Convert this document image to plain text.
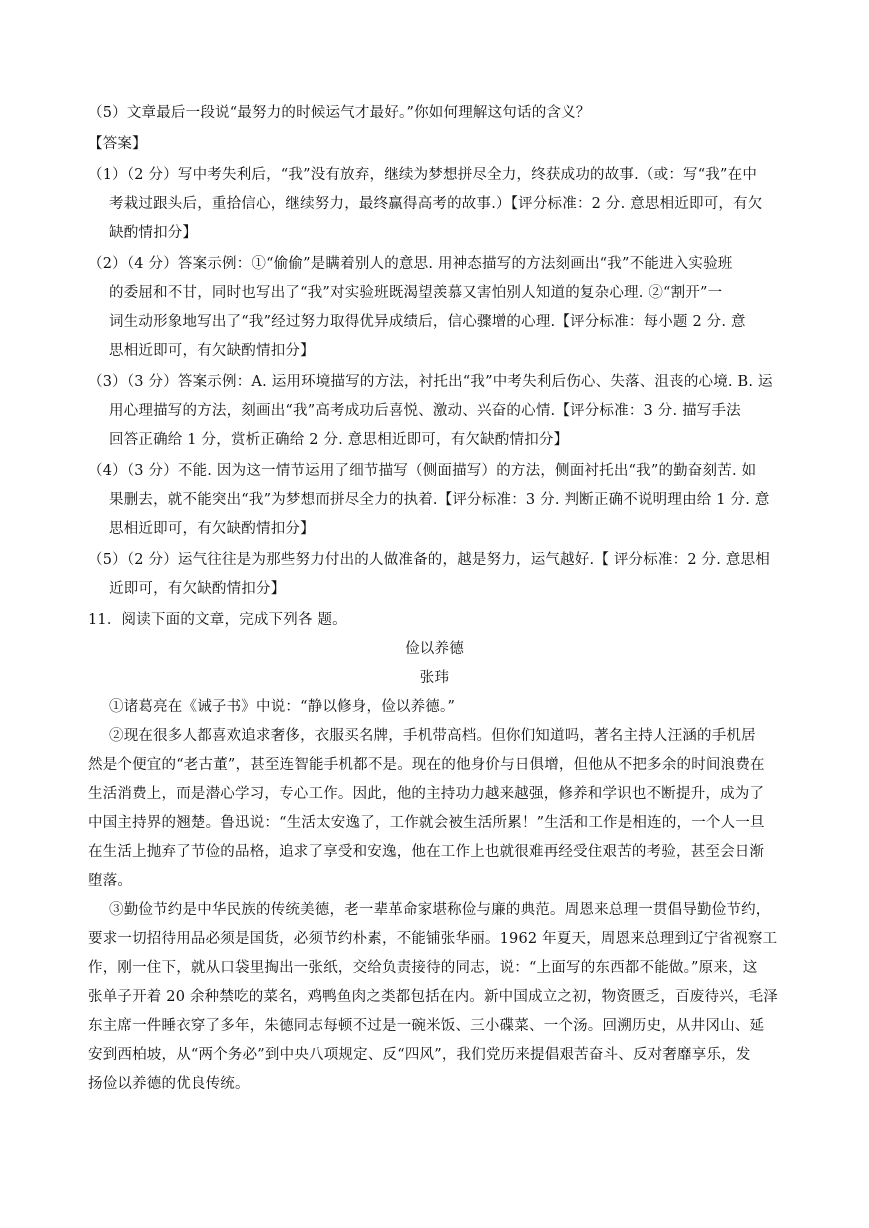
（5）文章最后一段说“最努力的时候运气才最好。”你如何理解这句话的含义？
【答案】
（1）（2 分）写中考失利后，“我”没有放弃，继续为梦想拼尽全力，终获成功的故事.（或：写“我”在中
考栽过跟头后，重拾信心，继续努力，最终赢得高考的故事.）【评分标准：2 分. 意思相近即可，有欠
缺酌情扣分】
（2）（4 分）答案示例：①“偷偷”是瞒着别人的意思. 用神态描写的方法刻画出“我”不能进入实验班
的委屈和不甘，同时也写出了“我”对实验班既渴望羡慕又害怕别人知道的复杂心理. ②“割开”一
词生动形象地写出了“我”经过努力取得优异成绩后，信心骤增的心理.【评分标准：每小题 2 分. 意
思相近即可，有欠缺酌情扣分】
（3）（3 分）答案示例：A. 运用环境描写的方法，衬托出“我”中考失利后伤心、失落、沮丧的心境. B. 运
用心理描写的方法，刻画出“我”高考成功后喜悦、激动、兴奋的心情.【评分标准：3 分. 描写手法
回答正确给 1 分，赏析正确给 2 分. 意思相近即可，有欠缺酌情扣分】
（4）（3 分）不能. 因为这一情节运用了细节描写（侧面描写）的方法，侧面衬托出“我”的勤奋刻苦. 如
果删去，就不能突出“我”为梦想而拼尽全力的执着.【评分标准：3 分. 判断正确不说明理由给 1 分. 意
思相近即可，有欠缺酌情扣分】
（5）（2 分）运气往往是为那些努力付出的人做准备的，越是努力，运气越好.【 评分标准：2 分. 意思相
近即可，有欠缺酌情扣分】
11．阅读下面的文章，完成下列各 题。
俭以养德
张玮
①诸葛亮在《诫子书》中说：“静以修身，俭以养德。”
②现在很多人都喜欢追求奢侈，衣服买名牌，手机带高档。但你们知道吗，著名主持人汪涵的手机居
然是个便宜的“老古董”，甚至连智能手机都不是。现在的他身价与日俱增，但他从不把多余的时间浪费在
生活消费上，而是潜心学习，专心工作。因此，他的主持功力越来越强，修养和学识也不断提升，成为了
中国主持界的翘楚。鲁迅说：“生活太安逸了，工作就会被生活所累！”生活和工作是相连的，一个人一旦
在生活上抛弃了节俭的品格，追求了享受和安逸，他在工作上也就很难再经受住艰苦的考验，甚至会日渐
堕落。
③勤俭节约是中华民族的传统美德，老一辈革命家堪称俭与廉的典范。周恩来总理一贯倡导勤俭节约，
要求一切招待用品必须是国货，必须节约朴素，不能铺张华丽。1962 年夏天，周恩来总理到辽宁省视察工
作，刚一住下，就从口袋里掏出一张纸，交给负责接待的同志，说：“上面写的东西都不能做。”原来，这
张单子开着 20 余种禁吃的菜名，鸡鸭鱼肉之类都包括在内。新中国成立之初，物资匮乏，百废待兴，毛泽
东主席一件睡衣穿了多年，朱德同志每顿不过是一碗米饭、三小碟菜、一个汤。回溯历史，从井冈山、延
安到西柏坡，从“两个务必”到中央八项规定、反“四风”，我们党历来提倡艰苦奋斗、反对奢靡享乐，发
扬俭以养德的优良传统。
